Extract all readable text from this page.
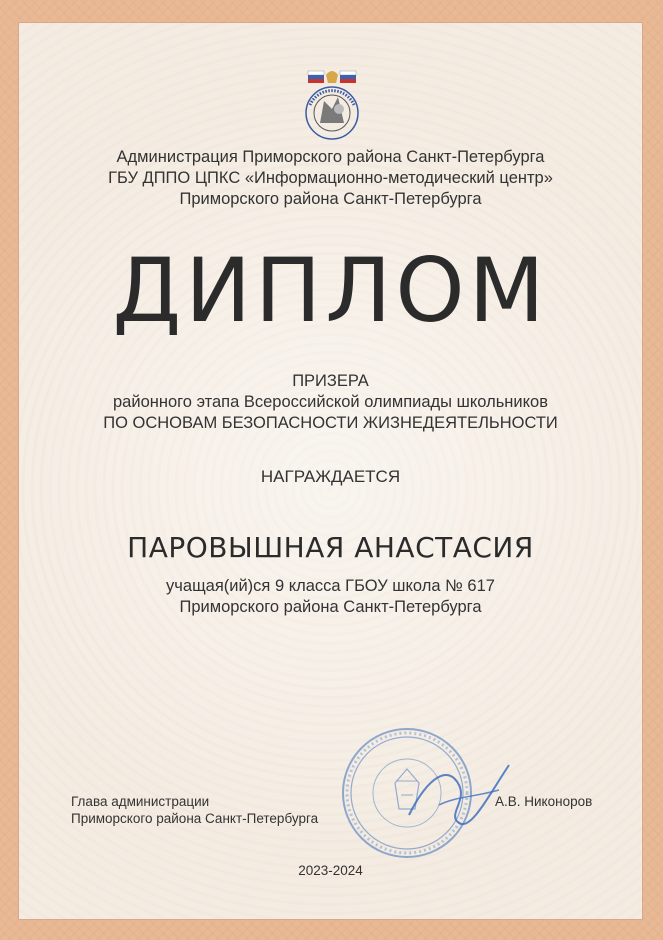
Администрация Приморского района Санкт-Петербурга
ГБУ ДППО ЦПКС «Информационно-методический центр»
Приморского района Санкт-Петербурга
ДИПЛОМ
ПРИЗЕРА
районного этапа Всероссийской олимпиады школьников
ПО ОСНОВАМ БЕЗОПАСНОСТИ ЖИЗНЕДЕЯТЕЛЬНОСТИ
НАГРАЖДАЕТСЯ
ПАРОВЫШНАЯ АНАСТАСИЯ
учащая(ий)ся 9 класса ГБОУ школа № 617
Приморского района Санкт-Петербурга
Глава администрации
Приморского района Санкт-Петербурга
А.В. Никоноров
2023-2024
